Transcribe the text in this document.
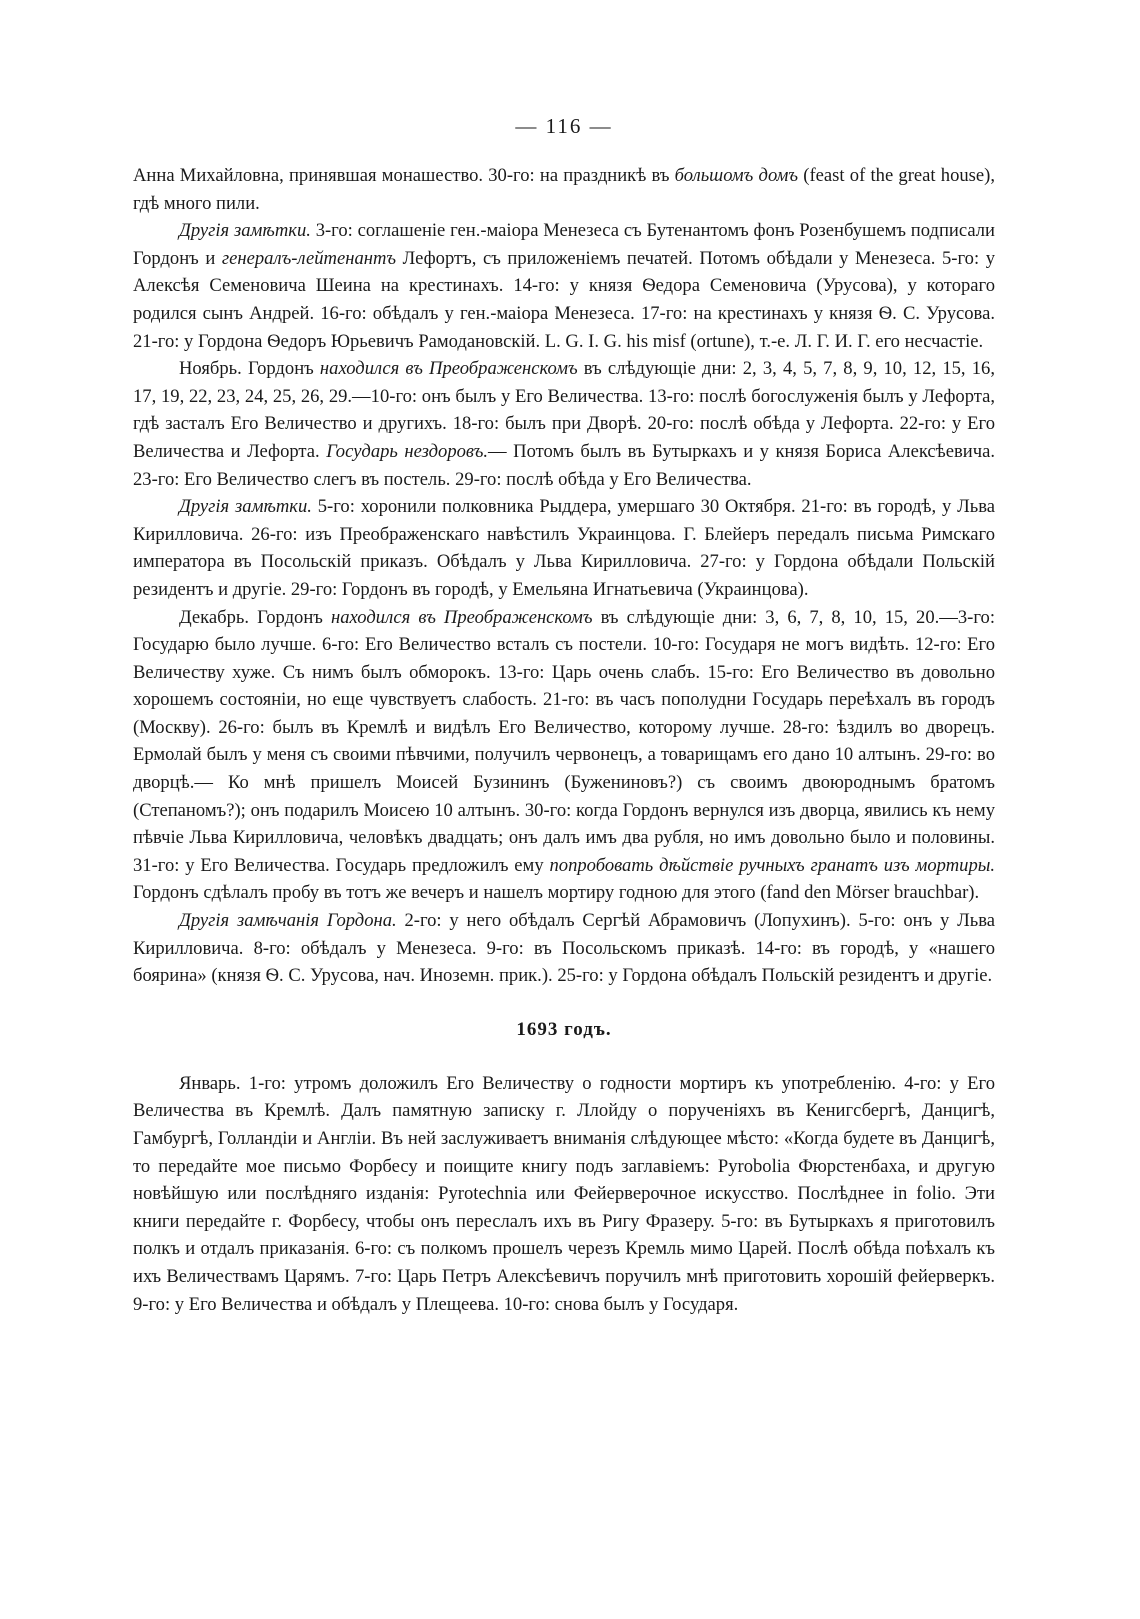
— 116 —

Анна Михайловна, принявшая монашество. 30-го: на праздникѣ въ большомъ домъ (feast of the great house), гдѣ много пили.

Другія замѣтки. 3-го: соглашеніе ген.-маіора Менезеса съ Бутенантомъ фонъ Розенбушемъ подписали Гордонъ и генералъ-лейтенантъ Лефортъ, съ приложеніемъ печатей. Потомъ обѣдали у Менезеса. 5-го: у Алексѣя Семеновича Шеина на крестинахъ. 14-го: у князя Ѳедора Семеновича (Урусова), у котораго родился сынъ Андрей. 16-го: обѣдалъ у ген.-маіора Менезеса. 17-го: на крестинахъ у князя Ѳ. С. Урусова. 21-го: у Гордона Ѳедоръ Юрьевичъ Рамодановскій. L. G. I. G. his misf (ortune), т.-е. Л. Г. И. Г. его несчастіе.

Ноябрь. Гордонъ находился въ Преображенскомъ въ слѣдующіе дни: 2, 3, 4, 5, 7, 8, 9, 10, 12, 15, 16, 17, 19, 22, 23, 24, 25, 26, 29.—10-го: онъ былъ у Его Величества. 13-го: послѣ богослуженія былъ у Лефорта, гдѣ засталъ Его Величество и другихъ. 18-го: былъ при Дворѣ. 20-го: послѣ обѣда у Лефорта. 22-го: у Его Величества и Лефорта. Государь нездоровъ.— Потомъ былъ въ Бутыркахъ и у князя Бориса Алексѣевича. 23-го: Его Величество слегъ въ постель. 29-го: послѣ обѣда у Его Величества.

Другія замѣтки. 5-го: хоронили полковника Рыддера, умершаго 30 Октября. 21-го: въ городѣ, у Льва Кирилловича. 26-го: изъ Преображенскаго навѣстилъ Украинцова. Г. Блейеръ передалъ письма Римскаго императора въ Посольскій приказъ. Обѣдалъ у Льва Кирилловича. 27-го: у Гордона обѣдали Польскій резидентъ и другіе. 29-го: Гордонъ въ городѣ, у Емельяна Игнатьевича (Украинцова).

Декабрь. Гордонъ находился въ Преображенскомъ въ слѣдующіе дни: 3, 6, 7, 8, 10, 15, 20.—3-го: Государю было лучше. 6-го: Его Величество всталъ съ постели. 10-го: Государя не могъ видѣть. 12-го: Его Величеству хуже. Съ нимъ былъ обморокъ. 13-го: Царь очень слабъ. 15-го: Его Величество въ довольно хорошемъ состояніи, но еще чувствуетъ слабость. 21-го: въ часъ пополудни Государь переѣхалъ въ городъ (Москву). 26-го: былъ въ Кремлѣ и видѣлъ Его Величество, которому лучше. 28-го: ѣздилъ во дворецъ. Ермолай былъ у меня съ своими пѣвчими, получилъ червонецъ, а товарищамъ его дано 10 алтынъ. 29-го: во дворцѣ.— Ко мнѣ пришелъ Моисей Бузининъ (Бужениновъ?) съ своимъ двоюроднымъ братомъ (Степаномъ?); онъ подарилъ Моисею 10 алтынъ. 30-го: когда Гордонъ вернулся изъ дворца, явились къ нему пѣвчіе Льва Кирилловича, человѣкъ двадцать; онъ далъ имъ два рубля, но имъ довольно было и половины. 31-го: у Его Величества. Государь предложилъ ему попробовать дѣйствіе ручныхъ гранатъ изъ мортиры. Гордонъ сдѣлалъ пробу въ тотъ же вечеръ и нашелъ мортиру годною для этого (fand den Mörser brauchbar).

Другія замѣчанія Гордона. 2-го: у него обѣдалъ Сергѣй Абрамовичъ (Лопухинъ). 5-го: онъ у Льва Кирилловича. 8-го: обѣдалъ у Менезеса. 9-го: въ Посольскомъ приказѣ. 14-го: въ городѣ, у «нашего боярина» (князя Ѳ. С. Урусова, нач. Иноземн. прик.). 25-го: у Гордона обѣдалъ Польскій резидентъ и другіе.

1693 годъ.

Январь. 1-го: утромъ доложилъ Его Величеству о годности мортиръ къ употребленію. 4-го: у Его Величества въ Кремлѣ. Далъ памятную записку г. Ллойду о порученіяхъ въ Кенигсбергѣ, Данцигѣ, Гамбургѣ, Голландіи и Англіи. Въ ней заслуживаетъ вниманія слѣдующее мѣсто: «Когда будете въ Данцигѣ, то передайте мое письмо Форбесу и поищите книгу подъ заглавіемъ: Pyrobolia Фюрстенбаха, и другую новѣйшую или послѣдняго изданія: Pyrotechnia или Фейерверочное искусство. Послѣднее in folio. Эти книги передайте г. Форбесу, чтобы онъ переслалъ ихъ въ Ригу Фразеру. 5-го: въ Бутыркахъ я приготовилъ полкъ и отдалъ приказанія. 6-го: съ полкомъ прошелъ черезъ Кремль мимо Царей. Послѣ обѣда поѣхалъ къ ихъ Величествамъ Царямъ. 7-го: Царь Петръ Алексѣевичъ поручилъ мнѣ приготовить хорошій фейерверкъ. 9-го: у Его Величества и обѣдалъ у Плещеева. 10-го: снова былъ у Государя.
